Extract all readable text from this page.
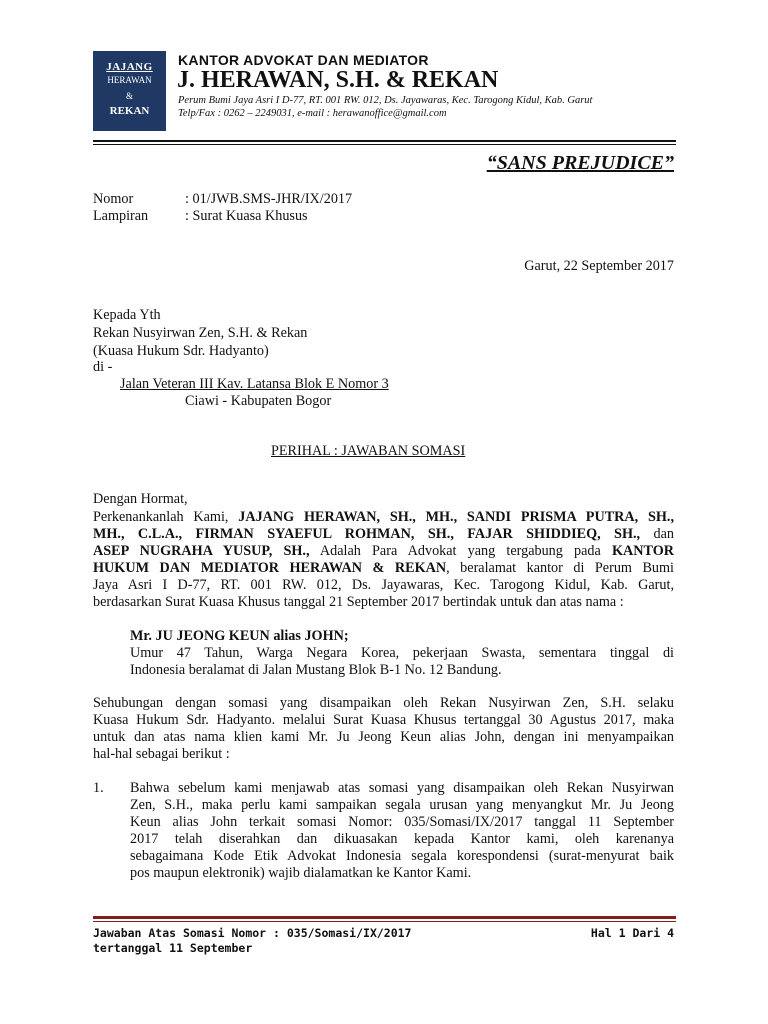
JAJANG
HERAWAN
&
REKAN
KANTOR ADVOKAT DAN MEDIATOR
J. HERAWAN, S.H. & REKAN
Perum Bumi Jaya Asri I D-77, RT. 001 RW. 012, Ds. Jayawaras, Kec. Tarogong Kidul, Kab. Garut
Telp/Fax : 0262 – 2249031, e-mail : herawanoffice@gmail.com
“SANS PREJUDICE”
Nomor	: 01/JWB.SMS-JHR/IX/2017
Lampiran	: Surat Kuasa Khusus
Garut, 22 September 2017
Kepada Yth
Rekan Nusyirwan Zen, S.H. & Rekan
(Kuasa Hukum Sdr. Hadyanto)
di -
Jalan Veteran III Kav. Latansa Blok E Nomor 3
Ciawi - Kabupaten Bogor
PERIHAL : JAWABAN SOMASI
Dengan Hormat,
Perkenankanlah Kami, JAJANG HERAWAN, SH., MH., SANDI PRISMA PUTRA, SH.,
MH., C.L.A., FIRMAN SYAEFUL ROHMAN, SH., FAJAR SHIDDIEQ, SH., dan
ASEP NUGRAHA YUSUP, SH., Adalah Para Advokat yang tergabung pada KANTOR
HUKUM DAN MEDIATOR HERAWAN & REKAN, beralamat kantor di Perum Bumi
Jaya Asri I D-77, RT. 001 RW. 012, Ds. Jayawaras, Kec. Tarogong Kidul, Kab. Garut,
berdasarkan Surat Kuasa Khusus tanggal 21 September 2017 bertindak untuk dan atas nama :
Mr. JU JEONG KEUN alias JOHN;
Umur 47 Tahun, Warga Negara Korea, pekerjaan Swasta, sementara tinggal di
Indonesia beralamat di Jalan Mustang Blok B-1 No. 12 Bandung.
Sehubungan dengan somasi yang disampaikan oleh Rekan Nusyirwan Zen, S.H. selaku
Kuasa Hukum Sdr. Hadyanto. melalui Surat Kuasa Khusus tertanggal 30 Agustus 2017, maka
untuk dan atas nama klien kami Mr. Ju Jeong Keun alias John, dengan ini menyampaikan
hal-hal sebagai berikut :
1. Bahwa sebelum kami menjawab atas somasi yang disampaikan oleh Rekan Nusyirwan
Zen, S.H., maka perlu kami sampaikan segala urusan yang menyangkut Mr. Ju Jeong
Keun alias John terkait somasi Nomor: 035/Somasi/IX/2017 tanggal 11 September
2017 telah diserahkan dan dikuasakan kepada Kantor kami, oleh karenanya
sebagaimana Kode Etik Advokat Indonesia segala korespondensi (surat-menyurat baik
pos maupun elektronik) wajib dialamatkan ke Kantor Kami.
Jawaban Atas Somasi Nomor : 035/Somasi/IX/2017
tertanggal 11 September
Hal 1 Dari 4
